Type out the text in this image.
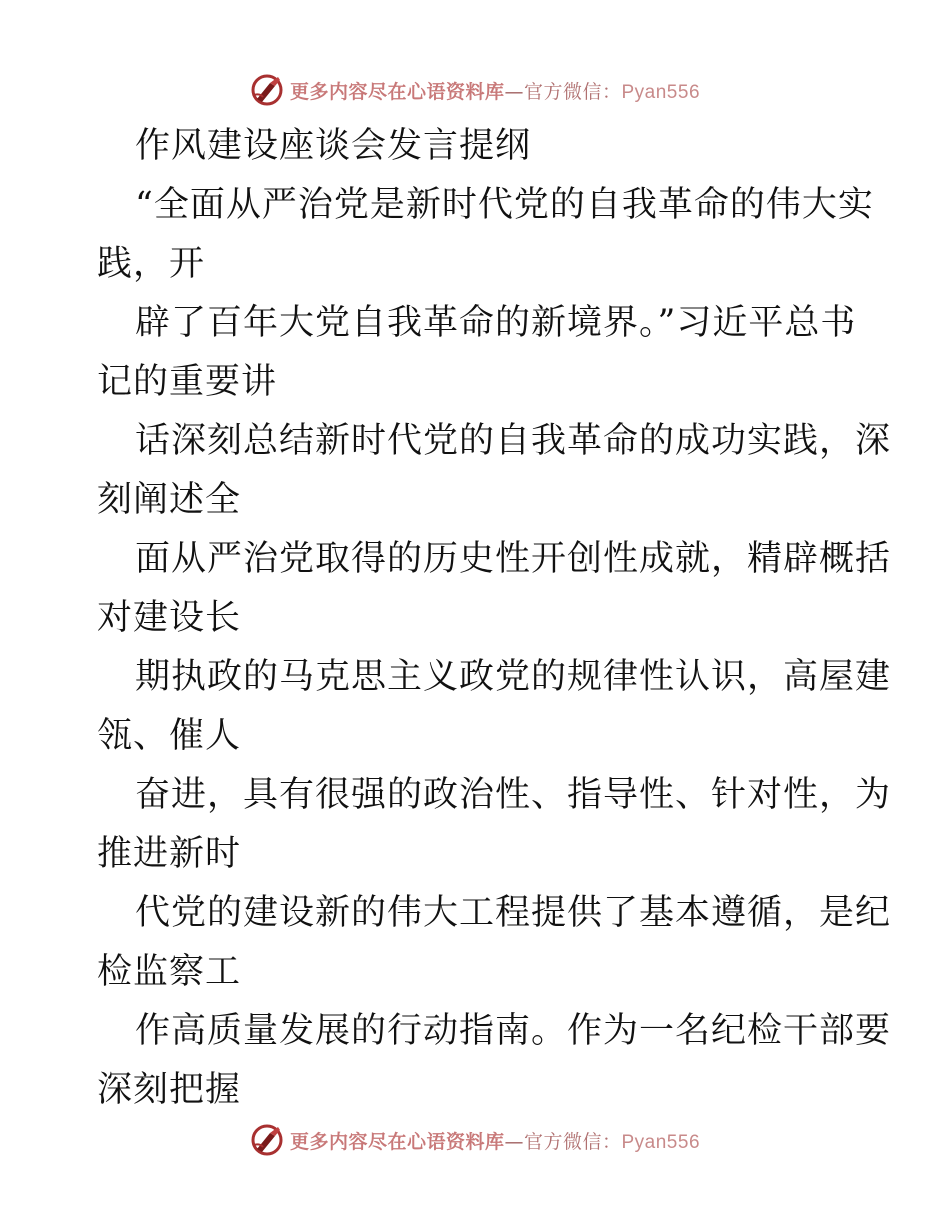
更多内容尽在心语资料库—官方微信：Pyan556
作风建设座谈会发言提纲
“全面从严治党是新时代党的自我革命的伟大实
践，开
辟了百年大党自我革命的新境界。”习近平总书
记的重要讲
话深刻总结新时代党的自我革命的成功实践，深
刻阐述全
面从严治党取得的历史性开创性成就，精辟概括
对建设长
期执政的马克思主义政党的规律性认识，高屋建
瓴、催人
奋进，具有很强的政治性、指导性、针对性，为
推进新时
代党的建设新的伟大工程提供了基本遵循，是纪
检监察工
作高质量发展的行动指南。作为一名纪检干部要
深刻把握
更多内容尽在心语资料库—官方微信：Pyan556
